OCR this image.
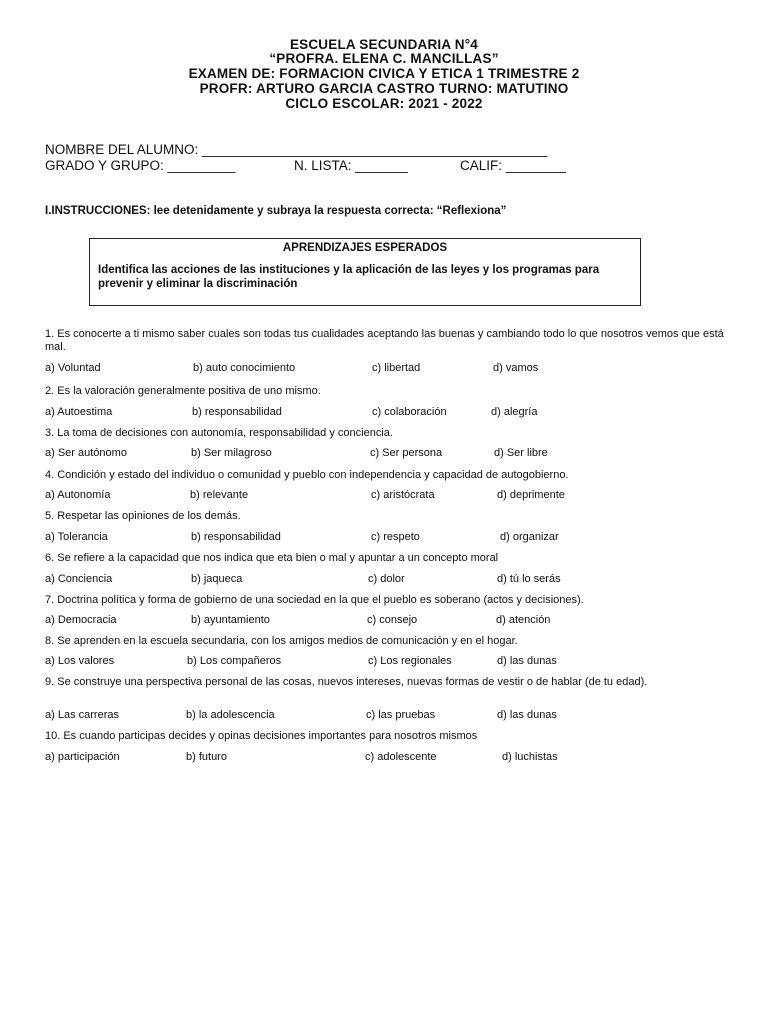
ESCUELA SECUNDARIA N°4
“PROFRA. ELENA C. MANCILLAS”
EXAMEN DE: FORMACION CIVICA Y ETICA 1 TRIMESTRE 2
PROFR: ARTURO GARCIA CASTRO TURNO: MATUTINO
CICLO ESCOLAR: 2021 - 2022
NOMBRE DEL ALUMNO: ______________________________________________
GRADO Y GRUPO: _________	N. LISTA: _______	CALIF: ________
I.INSTRUCCIONES: lee detenidamente y subraya la respuesta correcta: “Reflexiona”
APRENDIZAJES ESPERADOS
Identifica las acciones de las instituciones y la aplicación de las leyes y los programas para prevenir y eliminar la discriminación
1. Es conocerte a ti mismo saber cuales son todas tus cualidades aceptando las buenas y cambiando todo lo que nosotros vemos que está mal.
a) Voluntad	b) auto conocimiento	c) libertad	d) vamos
2. Es la valoración generalmente positiva de uno mismo.
a) Autoestima	b) responsabilidad	c) colaboración	d) alegría
3. La toma de decisiones con autonomía, responsabilidad y conciencia.
a) Ser autónomo	b) Ser milagroso	c) Ser persona	d) Ser libre
4. Condición y estado del individuo o comunidad y pueblo con independencia y capacidad de autogobierno.
a) Autonomía	b) relevante	c) aristócrata	d) deprimente
5. Respetar las opiniones de los demás.
a) Tolerancia	b) responsabilidad	c) respeto	d) organizar
6. Se refiere a la capacidad que nos indica que eta bien o mal y apuntar a un concepto moral
a) Conciencia	b) jaqueca	c) dolor	d) tú lo serás
7. Doctrina política y forma de gobierno de una sociedad en la que el pueblo es soberano (actos y decisiones).
a) Democracia	b) ayuntamiento	c) consejo	d) atención
8. Se aprenden en la escuela secundaria, con los amigos medios de comunicación y en el hogar.
a) Los valores	b) Los compañeros	c) Los regionales	d) las dunas
9. Se construye una perspectiva personal de las cosas, nuevos intereses, nuevas formas de vestir o de hablar (de tu edad).
a) Las carreras	b) la adolescencia	c) las pruebas	d) las dunas
10. Es cuando participas decides y opinas decisiones importantes para nosotros mismos
a) participación	b) futuro	c) adolescente	d) luchistas
